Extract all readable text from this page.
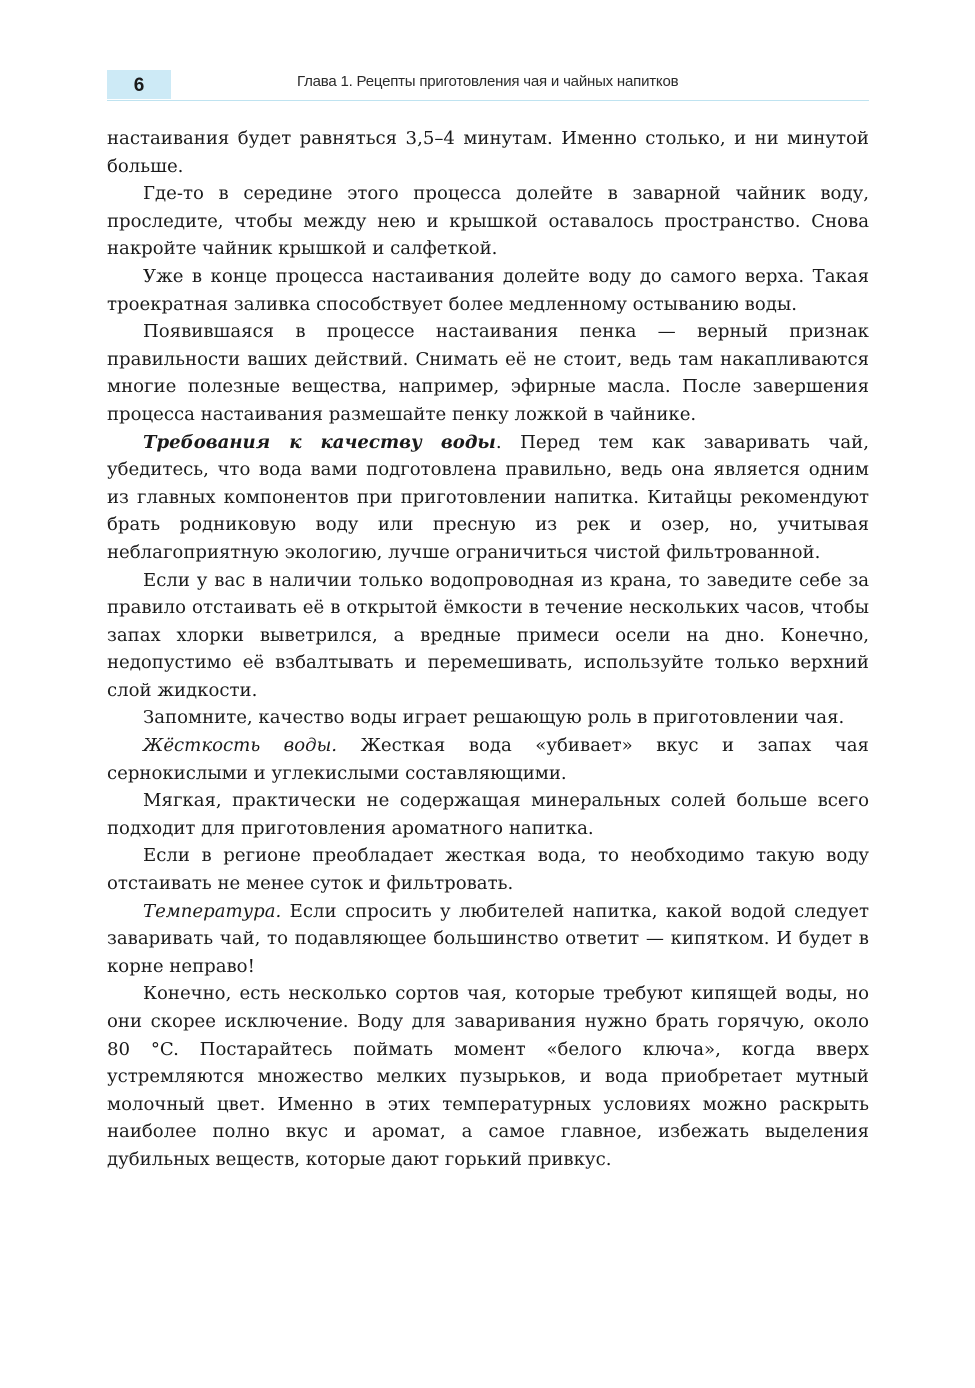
6	Глава 1. Рецепты приготовления чая и чайных напитков

настаивания будет равняться 3,5–4 минутам. Именно столько, и ни минутой больше.

Где-то в середине этого процесса долейте в заварной чайник воду, проследите, чтобы между нею и крышкой оставалось пространство. Снова накройте чайник крышкой и салфеткой.

Уже в конце процесса настаивания долейте воду до самого верха. Такая троекратная заливка способствует более медленному остыванию воды.

Появившаяся в процессе настаивания пенка — верный признак правильности ваших действий. Снимать её не стоит, ведь там накапливаются многие полезные вещества, например, эфирные масла. После завершения процесса настаивания размешайте пенку ложкой в чайнике.

Требования к качеству воды. Перед тем как заваривать чай, убедитесь, что вода вами подготовлена правильно, ведь она является одним из главных компонентов при приготовлении напитка. Китайцы рекомендуют брать родниковую воду или пресную из рек и озер, но, учитывая неблагоприятную экологию, лучше ограничиться чистой фильтрованной.

Если у вас в наличии только водопроводная из крана, то заведите себе за правило отстаивать её в открытой ёмкости в течение нескольких часов, чтобы запах хлорки выветрился, а вредные примеси осели на дно. Конечно, недопустимо её взбалтывать и перемешивать, используйте только верхний слой жидкости.

Запомните, качество воды играет решающую роль в приготовлении чая.

Жёсткость воды. Жесткая вода «убивает» вкус и запах чая сернокислыми и углекислыми составляющими.

Мягкая, практически не содержащая минеральных солей больше всего подходит для приготовления ароматного напитка.

Если в регионе преобладает жесткая вода, то необходимо такую воду отстаивать не менее суток и фильтровать.

Температура. Если спросить у любителей напитка, какой водой следует заваривать чай, то подавляющее большинство ответит — кипятком. И будет в корне неправо!

Конечно, есть несколько сортов чая, которые требуют кипящей воды, но они скорее исключение. Воду для заваривания нужно брать горячую, около 80 °C. Постарайтесь поймать момент «белого ключа», когда вверх устремляются множество мелких пузырьков, и вода приобретает мутный молочный цвет. Именно в этих температурных условиях можно раскрыть наиболее полно вкус и аромат, а самое главное, избежать выделения дубильных веществ, которые дают горький привкус.
